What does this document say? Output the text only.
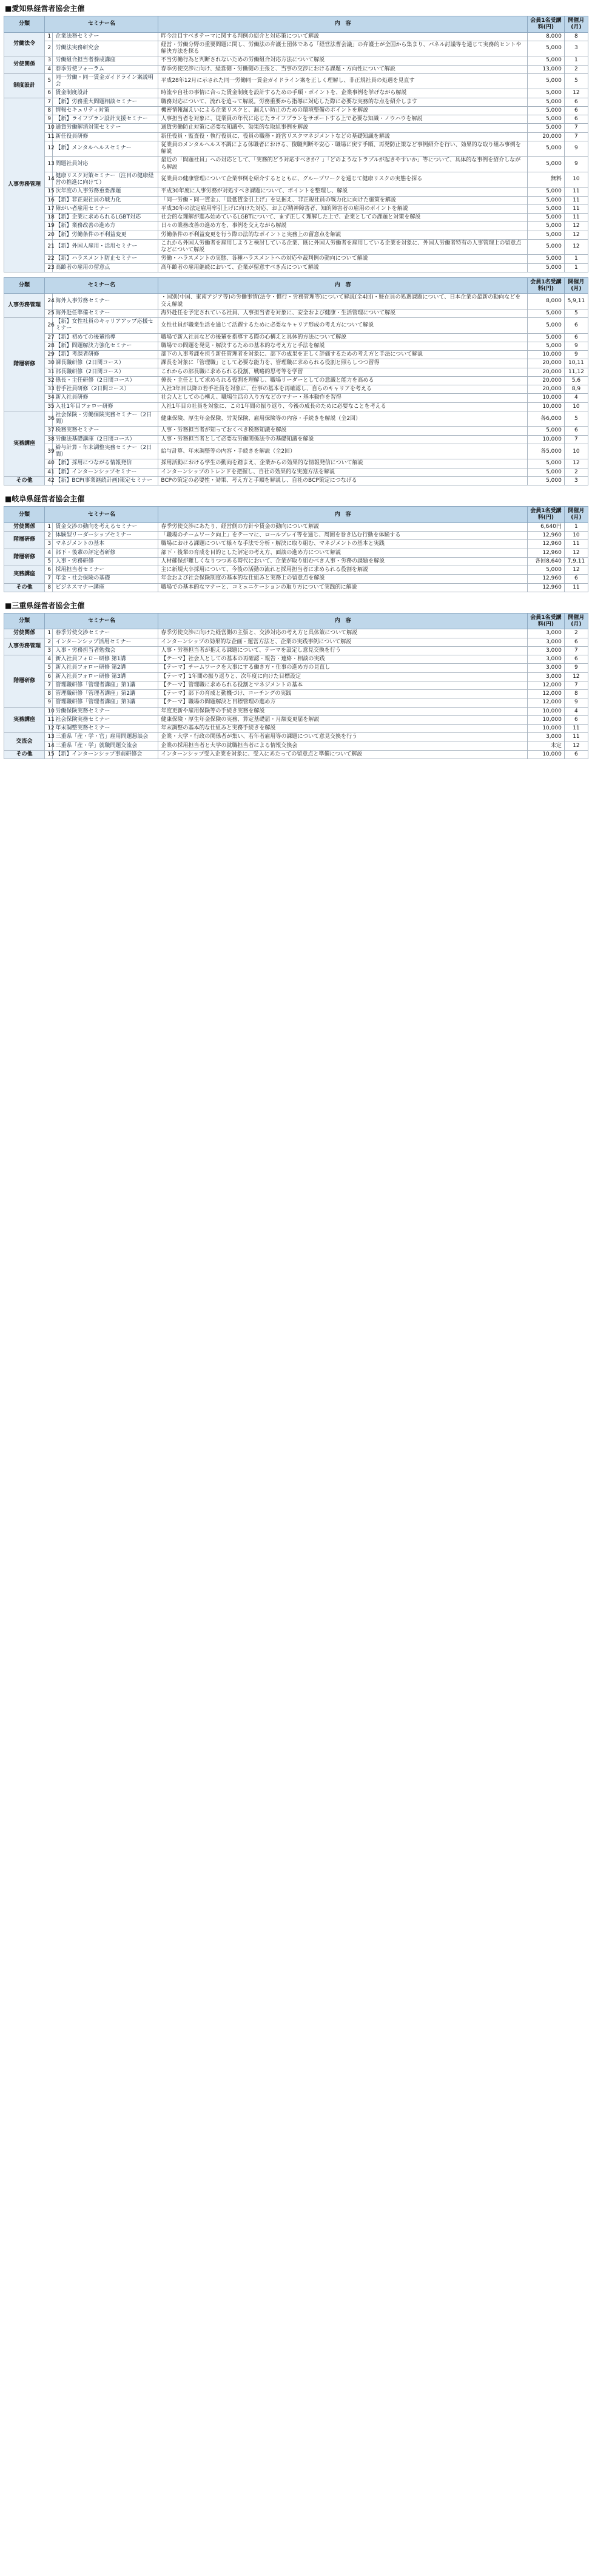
■愛知県経営者協会主催
分類	セミナー名		内　容	会員1名受講料(円)	開催月(月)
労働法令	1	企業法務セミナー	昨今注目すべきテーマに関する判例の紹介と対応策について解説	8,000	8
	2	労働法実務研究会	経営・労働分野の重要問題に関し、労働法の弁護士団体である「経営法曹会議」の弁護士が全国から集まり、パネル討議等を通じて実務的ヒントや解決方法を探る	5,000	3
労使関係	3	労働組合担当者養成講座	不当労働行為と判断されないための労働組合対応方法について解説	5,000	1
	4	春季労使フォーラム	春季労使交渉に向け、経営側・労働側の主張と、当事の交渉における課題・方向性について解説	13,000	2
制度設計	5	同一労働・同一賃金ガイドライン案説明会	平成28年12月に示された同一労働同一賃金ガイドライン案を正しく理解し、非正規社員の処遇を見直す	5,000	5
	6	賃金制度設計	時流や自社の事情に合った賃金制度を設計するための手順・ポイントを、企業事例を挙げながら解説	5,000	12
人事労務管理	7	【新】労務重大問題相談セミナー	職務対応について、流れを追って解説。労務重要から指導に対応した際に必要な実務的な点を紹介します	5,000	6
	8	情報セキュリティ対策	機密情報漏えいによる企業リスクと、漏えい防止のための環境整備のポイントを解説	5,000	6
	9	【新】ライフプラン設計支援セミナー	人事担当者を対象に、従業員の年代に応じたライフプランをサポートする上で必要な知識・ノウハウを解説	5,000	6
	10	通貨労働解消対策セミナー	通貨労働防止対策に必要な知識や、効果的な取組事例を解説	5,000	7
	11	新任役員研修	新任役員・監査役・執行役員に、役員の職務・経営リスクマネジメントなどの基礎知識を解説	20,000	7
	12	【新】メンタルヘルスセミナー	従業員のメンタルヘルス不調による休職者における、復職判断や安心・職場に戻す手順、再発防止策など事例紹介を行い、効果的な取り組み事例を解説	5,000	9
	13	問題社員対応	最近の「問題社員」への対応として、「実務的どう対応すべきか？」「どのようなトラブルが起きやすいか」等について、具体的な事例を紹介しながら解説	5,000	9
	14	健康リスク対策セミナー（注目の健康経営の推進に向けて）	従業員の健康管理について企業事例を紹介するとともに、グループワークを通じて健康リスクの実態を探る	無料	10
	15	次年度の人事労務重要課題	平成30年度に人事労務が対処すべき課題について、ポイントを整理し、解説	5,000	11
	16	【新】非正規社員の戦力化	「同一労働・同一賃金」、「最低賃金引上げ」を見据え、非正規社員の戦力化に向けた施策を解説	5,000	11
	17	障がい者雇用セミナー	平成30年の法定雇用率引上げに向けた対応、および精神障害者、知的障害者の雇用のポイントを解説	5,000	11
	18	【新】企業に求められるLGBT対応	社会的な理解が進み始めているLGBTについて、まず正しく理解した上で、企業としての課題と対策を解説	5,000	11
	19	【新】業務改善の進め方	日々の業務改善の進め方を、事例を交えながら解説	5,000	12
	20	【新】労働条件の不利益変更	労働条件の不利益変更を行う際の法的なポイントと実務上の留意点を解説	5,000	12
	21	【新】外国人雇用・活用セミナー	これから外国人労働者を雇用しようと検討している企業、既に外国人労働者を雇用している企業を対象に、外国人労働者特有の人事管理上の留意点などについて解説	5,000	12
	22	【新】ハラスメント防止セミナー	労働・ハラスメントの実態、各種ハラスメントへの対応や裁判例の動向について解説	5,000	1
	23	高齢者の雇用の留意点	高年齢者の雇用継続において、企業が留意すべき点について解説	5,000	1
分類	セミナー名		内　容	会員1名受講料(円)	開催月(月)
人事労務管理	24	海外人事労務セミナー	・国別(中国、東南アジア等)の労働事情(法令・慣行・労務管理等)について解説(全4回)・駐在員の処遇課題について、日本企業の最新の動向などを交え解説	8,000	5,9,11
	25	海外赴任準備セミナー	海外赴任を予定されている社員、人事担当者を対象に、安全および健康・生活管理について解説	5,000	5
階層研修	26	【新】女性社員のキャリアアップ応援セミナー	女性社員が職業生活を通じて活躍するために必要なキャリア形成の考え方について解説	5,000	6
	27	【新】初めての後輩指導	職場で新入社員などの後輩を指導する際の心構えと具体的方法について解説	5,000	6
	28	【新】問題解決力強化セミナー	職場での問題を発見・解決するための基本的な考え方と手法を解説	5,000	9
	29	【新】考課者研修	部下の人事考課を担う新任管理者を対象に、部下の成果を正しく評価するための考え方と手法について解説	10,000	9
	30	課長職研修（2日間コース）	課長を対象に「管理職」として必要な能力を、管理職に求められる役割と照らしつつ習得	20,000	10,11
	31	部長職研修（2日間コース）	これからの部長職に求められる役割、戦略的思考等を学習	20,000	11,12
	32	係長・主任研修（2日間コース）	係長・主任として求められる役割を理解し、職場リーダーとしての意識と能力を高める	20,000	5,6
	33	若手社員研修（2日間コース）	入社3年目以降の若手社員を対象に、仕事の基本を再確認し、自らのキャリアを考える	20,000	8,9
	34	新入社員研修	社会人としての心構え、職場生活の入り方などのマナー・基本動作を習得	10,000	4
	35	入社1年目フォロー研修	入社1年目の社員を対象に、この1年間の振り返り、今後の成長のために必要なことを考える	10,000	10
実務講座	36	社会保険・労働保険実務セミナー（2日間）	健康保険、厚生年金保険、労災保険、雇用保険等の内容・手続きを解説（全2回）	各6,000	5
	37	税務実務セミナー	人事・労務担当者が知っておくべき税務知識を解説	5,000	6
	38	労働法基礎講座（2日間コース）	人事・労務担当者として必要な労働関係法令の基礎知識を解説	10,000	7
	39	給与計算・年末調整実務セミナー（2日間）	給与計算、年末調整等の内容・手続きを解説（全2回）	各5,000	10
	40	【新】採用につながる情報発信	採用活動における学生の動向を踏まえ、企業からの効果的な情報発信について解説	5,000	12
	41	【新】インターンシップセミナー	インターンシップのトレンドを把握し、自社の効果的な実施方法を解説	5,000	2
その他	42	【新】BCP(事業継続計画)策定セミナー	BCPの策定の必要性・効果、考え方と手順を解説し、自社のBCP策定につなげる	5,000	3
■岐阜県経営者協会主催
分類	セミナー名		内　容	会員1名受講料(円)	開催月(月)
労使関係	1	賃金交渉の動向を考えるセミナー	春季労使交渉にあたり、経営側の方針や賃金の動向について解説	6,640円	1
階層研修	2	体験型リーダーシップセミナー	「職場のチームワーク向上」をテーマに、ロールプレイ等を通じ、周囲を巻き込む行動を体験する	12,960	10
	3	マネジメントの基本	職場における課題について様々な手法で分析・解決に取り組む、マネジメントの基本と実践	12,960	11
階層研修	4	部下・後輩の評定者研修	部下・後輩の育成を目的とした評定の考え方、面談の進め方について解説	12,960	12
	5	人事・労務研修	人材確保が難しくなりつつある時代において、企業が取り組むべき人事・労務の課題を解説	各回8,640	7,9,11
実務講座	6	採用担当者セミナー	主に新規大卒採用について、今後の活動の流れと採用担当者に求められる役割を解説	5,000	12
	7	年金・社会保険の基礎	年金および社会保険制度の基本的な仕組みと実務上の留意点を解説	12,960	6
その他	8	ビジネスマナー講座	職場での基本的なマナーと、コミュニケーションの取り方について実践的に解説	12,960	11
■三重県経営者協会主催
分類	セミナー名		内　容	会員1名受講料(円)	開催月(月)
労使関係	1	春季労使交渉セミナー	春季労使交渉に向けた経営側の主張と、交渉対応の考え方と具体策について解説	3,000	2
人事労務管理	2	インターンシップ活用セミナー	インターンシップの効果的な企画・運営方法と、企業の実践事例について解説	3,000	6
	3	人事・労務担当者勉強会	人事・労務担当者が抱える課題について、テーマを設定し意見交換を行う	3,000	7
階層研修	4	新入社員フォロー研修 第1講	【テーマ】社会人としての基本の再確認・報告・連絡・相談の実践	3,000	6
	5	新入社員フォロー研修 第2講	【テーマ】チームワークを大事にする働き方・仕事の進め方の見直し	3,000	9
	6	新入社員フォロー研修 第3講	【テーマ】1年間の振り返りと、次年度に向けた目標設定	3,000	12
	7	管理職研修「管理者講座」第1講	【テーマ】管理職に求められる役割とマネジメントの基本	12,000	7
	8	管理職研修「管理者講座」第2講	【テーマ】部下の育成と動機づけ、コーチングの実践	12,000	8
	9	管理職研修「管理者講座」第3講	【テーマ】職場の問題解決と目標管理の進め方	12,000	9
実務講座	10	労働保険実務セミナー	年度更新や雇用保険等の手続き実務を解説	10,000	4
	11	社会保険実務セミナー	健康保険・厚生年金保険の実務、算定基礎届・月額変更届を解説	10,000	6
	12	年末調整実務セミナー	年末調整の基本的な仕組みと実務手続きを解説	10,000	11
交流会	13	三重県「産・学・官」雇用問題懇談会	企業・大学・行政の関係者が集い、若年者雇用等の課題について意見交換を行う	3,000	11
	14	三重県「産・学」就職問題交流会	企業の採用担当者と大学の就職担当者による情報交換会	未定	12
その他	15	【新】インターンシップ事前研修会	インターンシップ受入企業を対象に、受入にあたっての留意点と準備について解説	10,000	6
